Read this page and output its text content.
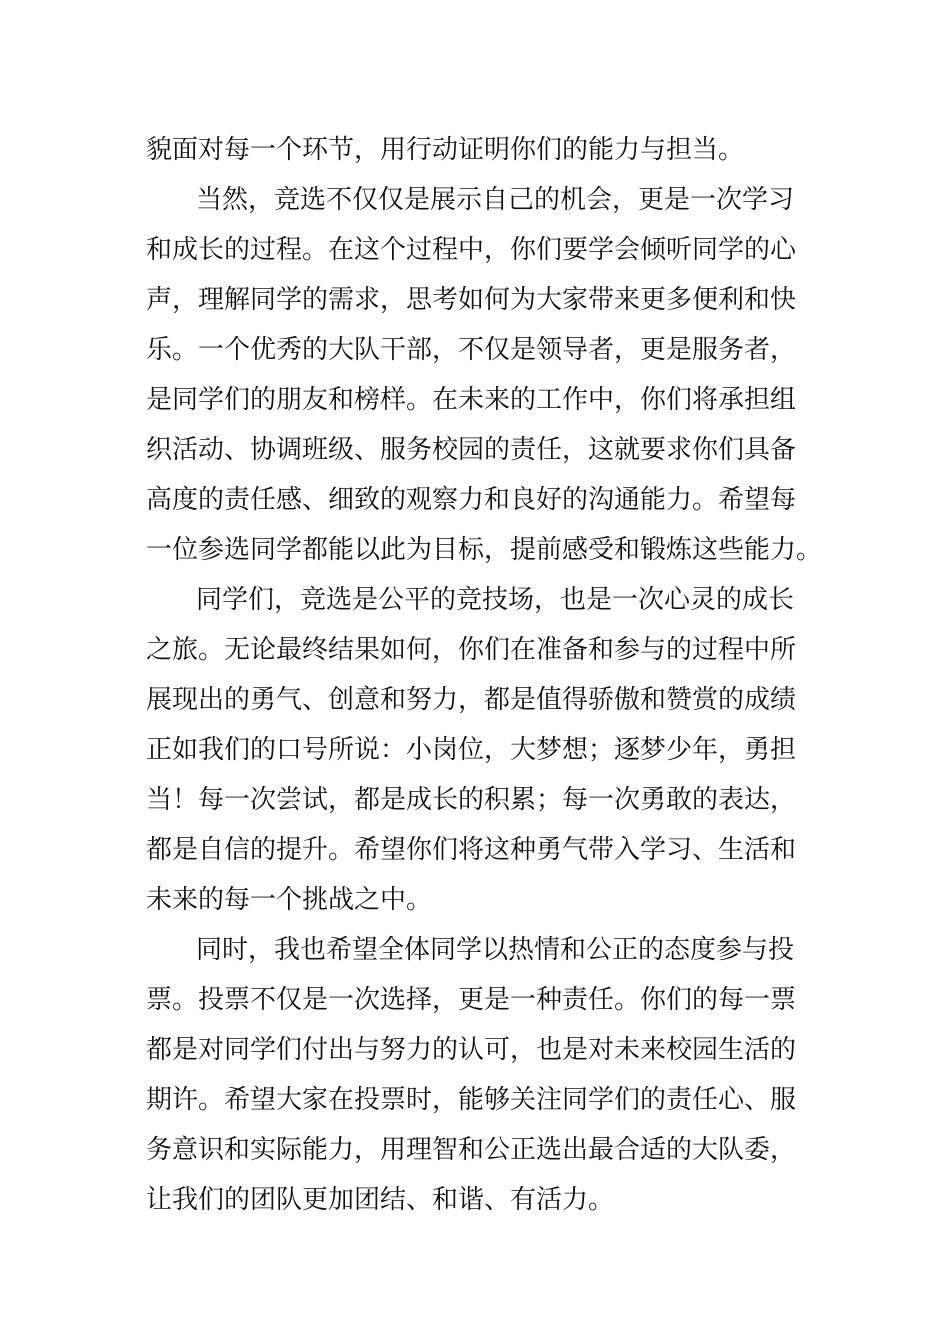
貌面对每一个环节，用行动证明你们的能力与担当。
当然，竞选不仅仅是展示自己的机会，更是一次学习
和成长的过程。在这个过程中，你们要学会倾听同学的心
声，理解同学的需求，思考如何为大家带来更多便利和快
乐。一个优秀的大队干部，不仅是领导者，更是服务者，
是同学们的朋友和榜样。在未来的工作中，你们将承担组
织活动、协调班级、服务校园的责任，这就要求你们具备
高度的责任感、细致的观察力和良好的沟通能力。希望每
一位参选同学都能以此为目标，提前感受和锻炼这些能力。
同学们，竞选是公平的竞技场，也是一次心灵的成长
之旅。无论最终结果如何，你们在准备和参与的过程中所
展现出的勇气、创意和努力，都是值得骄傲和赞赏的成绩
正如我们的口号所说：小岗位，大梦想；逐梦少年，勇担
当！每一次尝试，都是成长的积累；每一次勇敢的表达，
都是自信的提升。希望你们将这种勇气带入学习、生活和
未来的每一个挑战之中。
同时，我也希望全体同学以热情和公正的态度参与投
票。投票不仅是一次选择，更是一种责任。你们的每一票
都是对同学们付出与努力的认可，也是对未来校园生活的
期许。希望大家在投票时，能够关注同学们的责任心、服
务意识和实际能力，用理智和公正选出最合适的大队委，
让我们的团队更加团结、和谐、有活力。
